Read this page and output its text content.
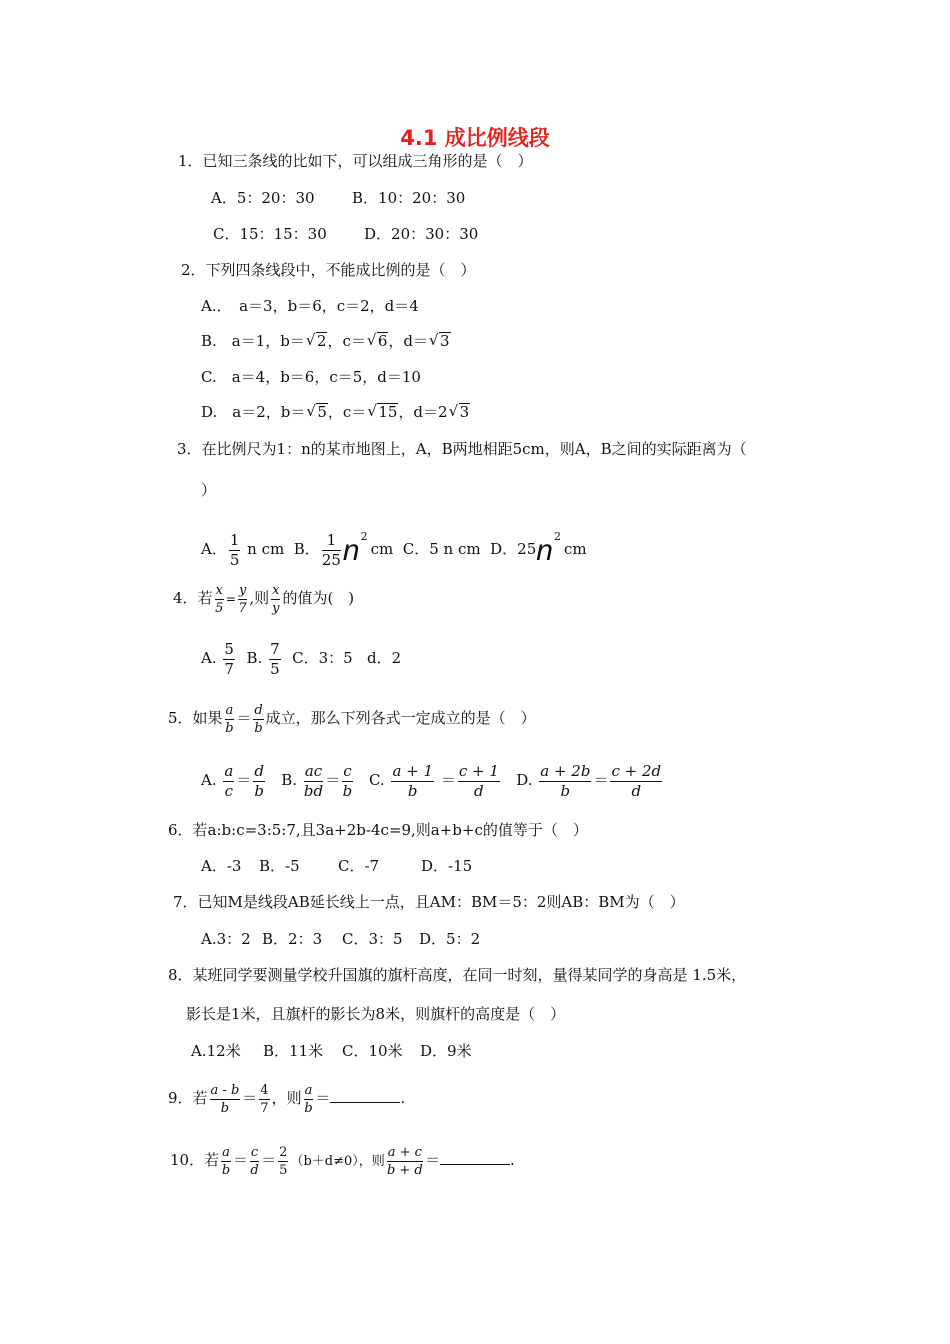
4.1 成比例线段
1．已知三条线的比如下，可以组成三角形的是（　）
A．5：20：30 B．10：20：30
C．15：15：30 D．20：30：30
2．下列四条线段中，不能成比例的是（　）
A.．　a＝3，b＝6，c＝2，d＝4
B.　a＝1，b＝ √ 2，c＝ √ 6，d＝ √ 3
C.　a＝4，b＝6，c＝5，d＝10
D.　a＝2，b＝ √ 5，c＝ √ 15，d＝2 √ 3
3．在比例尺为1：n的某市地图上，A，B两地相距5cm，则A，B之间的实际距离为（
）
A． $\frac{1}{5}$ n cm B． $\frac{1}{25} n^2cm$ C．5 n cm D．$25n^2cm$
4．若 $\frac{x}{5} = \frac{y}{7}$ ,则 $\frac{x}{y}$ 的值为(　)
A. $\frac{5}{7} B$. $\frac{7}{5}$ C．3：5 d．2
5．如果 $\frac{a}{b} = \frac{d}{b}$ 成立，那么下列各式一定成立的是（　）
A. $\frac{a}{c} = \frac{d}{b} B$. $\frac{ac}{bd} = \frac{c}{b} C$. $\frac{a + 1}{b} = \frac{c + 1}{d} D$. $\frac{a + 2b}{b} = \frac{c + 2d}{d}$
6．若a:b:c=3:5:7,且3a+2b-4c=9,则a+b+c的值等于（　）
A．-3 B．-5	C．-7	D．-15
7．已知M是线段AB延长线上一点，且AM：BM＝5：2则AB：BM为（　）
A.3：2 B．2：3 C．3：5 D．5：2
8．某班同学要测量学校升国旗的旗杆高度，在同一时刻，量得某同学的身高是 1.5米，
影长是1米，且旗杆的影长为8米，则旗杆的高度是（　）
A.12米 B．11米 C．10米 D．9米
9．若 $\frac{a - b}{b} = \frac{4}{7}$ ，则 $\frac{a}{b}$ ＝	.
10．若 $\frac{a}{b} = \frac{c}{d} = \frac{2}{5} (b+d\ne 0)$，则 $\frac{a + c}{b + d}$ ＝	.
